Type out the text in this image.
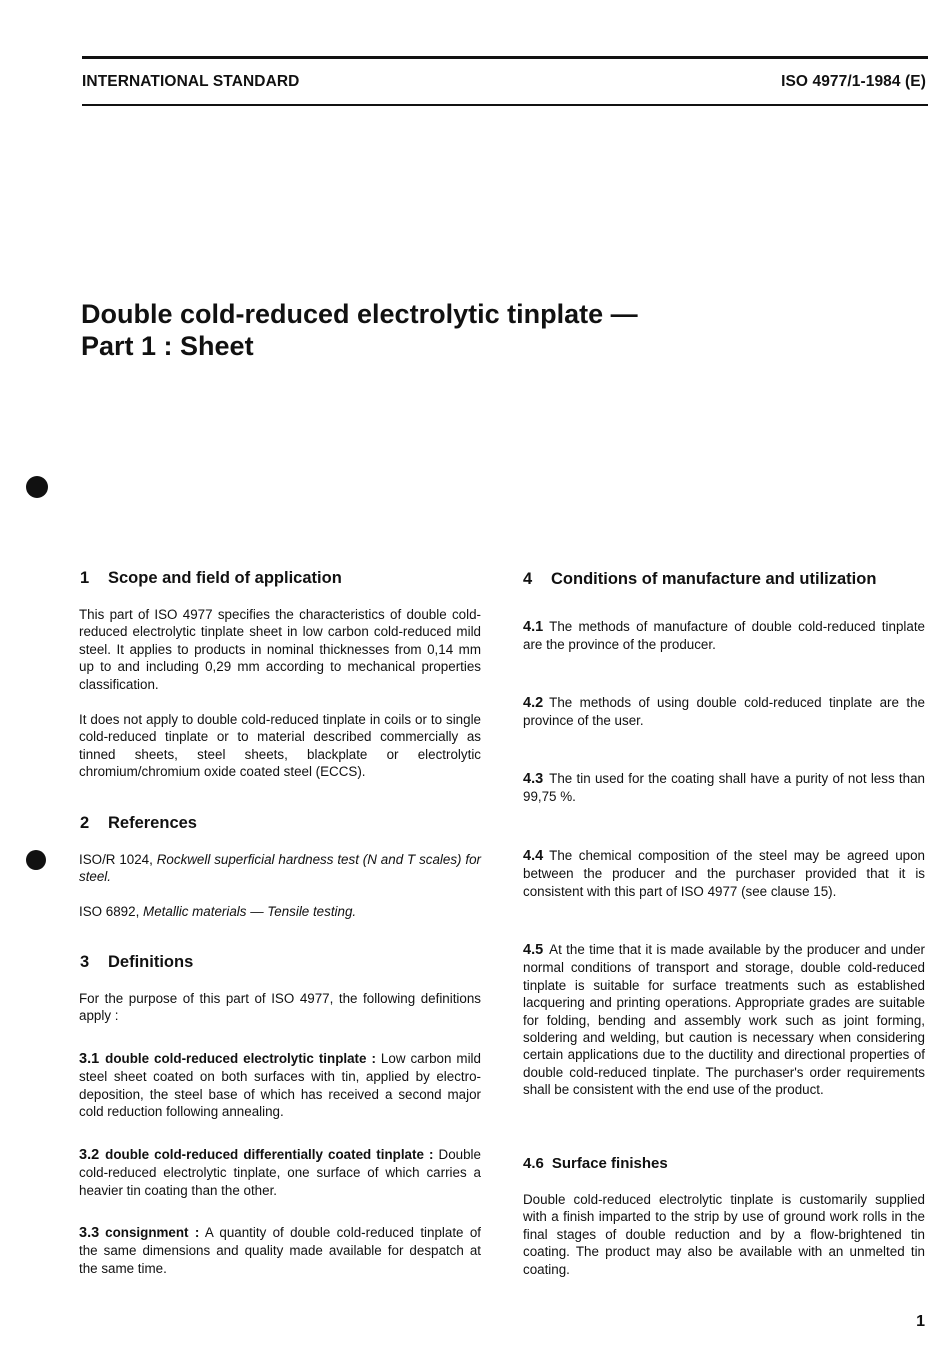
INTERNATIONAL STANDARD	ISO 4977/1-1984 (E)
Double cold-reduced electrolytic tinplate —
Part 1 : Sheet
1 Scope and field of application

This part of ISO 4977 specifies the characteristics of double cold-reduced electrolytic tinplate sheet in low carbon cold-reduced mild steel. It applies to products in nominal thicknesses from 0,14 mm up to and including 0,29 mm according to mechanical properties classification.

It does not apply to double cold-reduced tinplate in coils or to single cold-reduced tinplate or to material described commercially as tinned sheets, steel sheets, blackplate or electrolytic chromium/chromium oxide coated steel (ECCS).

2 References

ISO/R 1024, Rockwell superficial hardness test (N and T scales) for steel.

ISO 6892, Metallic materials — Tensile testing.

3 Definitions

For the purpose of this part of ISO 4977, the following definitions apply :

3.1 double cold-reduced electrolytic tinplate : Low carbon mild steel sheet coated on both surfaces with tin, applied by electro-deposition, the steel base of which has received a second major cold reduction following annealing.

3.2 double cold-reduced differentially coated tinplate : Double cold-reduced electrolytic tinplate, one surface of which carries a heavier tin coating than the other.

3.3 consignment : A quantity of double cold-reduced tinplate of the same dimensions and quality made available for despatch at the same time.

4 Conditions of manufacture and utilization

4.1 The methods of manufacture of double cold-reduced tinplate are the province of the producer.

4.2 The methods of using double cold-reduced tinplate are the province of the user.

4.3 The tin used for the coating shall have a purity of not less than 99,75 %.

4.4 The chemical composition of the steel may be agreed upon between the producer and the purchaser provided that it is consistent with this part of ISO 4977 (see clause 15).

4.5 At the time that it is made available by the producer and under normal conditions of transport and storage, double cold-reduced tinplate is suitable for surface treatments such as established lacquering and printing operations. Appropriate grades are suitable for folding, bending and assembly work such as joint forming, soldering and welding, but caution is necessary when considering certain applications due to the ductility and directional properties of double cold-reduced tinplate. The purchaser's order requirements shall be consistent with the end use of the product.

4.6 Surface finishes

Double cold-reduced electrolytic tinplate is customarily supplied with a finish imparted to the strip by use of ground work rolls in the final stages of double reduction and by a flow-brightened tin coating. The product may also be available with an unmelted tin coating.

1
